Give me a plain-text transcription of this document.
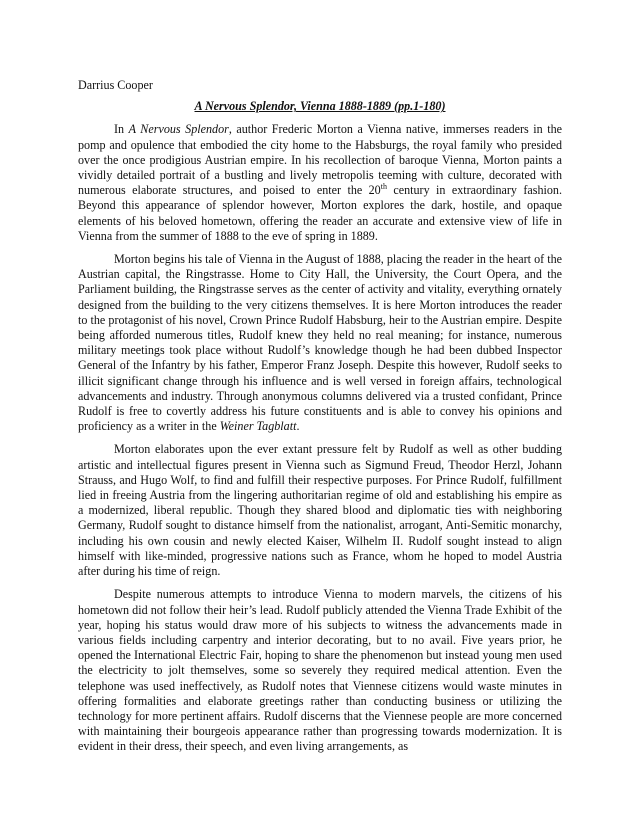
Darrius Cooper

A Nervous Splendor, Vienna 1888-1889 (pp.1-180)

In A Nervous Splendor, author Frederic Morton a Vienna native, immerses readers in the pomp and opulence that embodied the city home to the Habsburgs, the royal family who presided over the once prodigious Austrian empire. In his recollection of baroque Vienna, Morton paints a vividly detailed portrait of a bustling and lively metropolis teeming with culture, decorated with numerous elaborate structures, and poised to enter the 20th century in extraordinary fashion. Beyond this appearance of splendor however, Morton explores the dark, hostile, and opaque elements of his beloved hometown, offering the reader an accurate and extensive view of life in Vienna from the summer of 1888 to the eve of spring in 1889.

Morton begins his tale of Vienna in the August of 1888, placing the reader in the heart of the Austrian capital, the Ringstrasse. Home to City Hall, the University, the Court Opera, and the Parliament building, the Ringstrasse serves as the center of activity and vitality, everything ornately designed from the building to the very citizens themselves. It is here Morton introduces the reader to the protagonist of his novel, Crown Prince Rudolf Habsburg, heir to the Austrian empire. Despite being afforded numerous titles, Rudolf knew they held no real meaning; for instance, numerous military meetings took place without Rudolf’s knowledge though he had been dubbed Inspector General of the Infantry by his father, Emperor Franz Joseph. Despite this however, Rudolf seeks to illicit significant change through his influence and is well versed in foreign affairs, technological advancements and industry. Through anonymous columns delivered via a trusted confidant, Prince Rudolf is free to covertly address his future constituents and is able to convey his opinions and proficiency as a writer in the Weiner Tagblatt.

Morton elaborates upon the ever extant pressure felt by Rudolf as well as other budding artistic and intellectual figures present in Vienna such as Sigmund Freud, Theodor Herzl, Johann Strauss, and Hugo Wolf, to find and fulfill their respective purposes. For Prince Rudolf, fulfillment lied in freeing Austria from the lingering authoritarian regime of old and establishing his empire as a modernized, liberal republic. Though they shared blood and diplomatic ties with neighboring Germany, Rudolf sought to distance himself from the nationalist, arrogant, Anti-Semitic monarchy, including his own cousin and newly elected Kaiser, Wilhelm II. Rudolf sought instead to align himself with like-minded, progressive nations such as France, whom he hoped to model Austria after during his time of reign.

Despite numerous attempts to introduce Vienna to modern marvels, the citizens of his hometown did not follow their heir’s lead. Rudolf publicly attended the Vienna Trade Exhibit of the year, hoping his status would draw more of his subjects to witness the advancements made in various fields including carpentry and interior decorating, but to no avail. Five years prior, he opened the International Electric Fair, hoping to share the phenomenon but instead young men used the electricity to jolt themselves, some so severely they required medical attention. Even the telephone was used ineffectively, as Rudolf notes that Viennese citizens would waste minutes in offering formalities and elaborate greetings rather than conducting business or utilizing the technology for more pertinent affairs. Rudolf discerns that the Viennese people are more concerned with maintaining their bourgeois appearance rather than progressing towards modernization. It is evident in their dress, their speech, and even living arrangements, as
